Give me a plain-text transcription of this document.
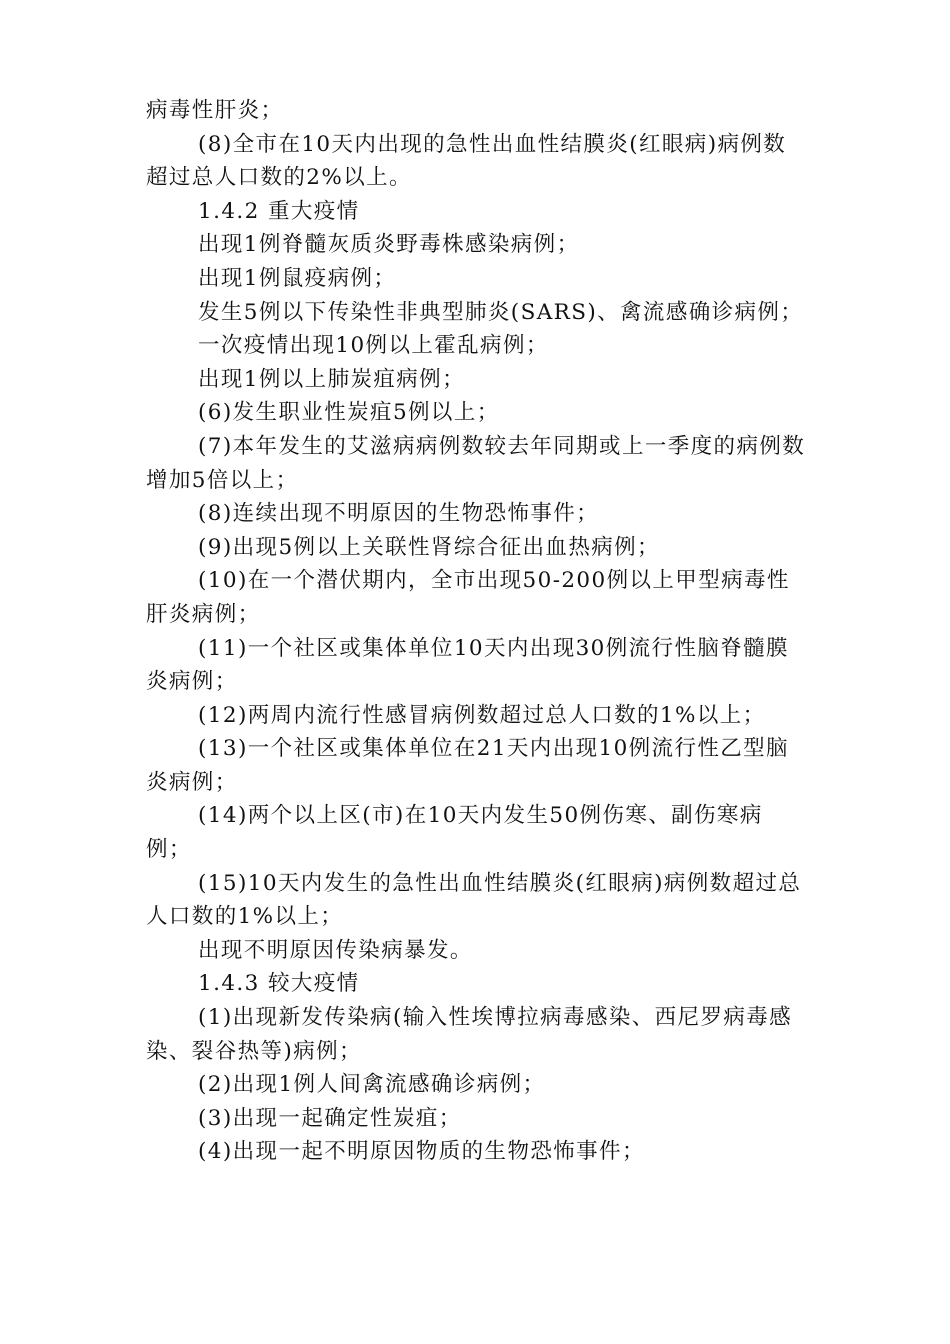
病毒性肝炎；

(8)全市在10天内出现的急性出血性结膜炎(红眼病)病例数超过总人口数的2%以上。

1.4.2 重大疫情

出现1例脊髓灰质炎野毒株感染病例；

出现1例鼠疫病例；

发生5例以下传染性非典型肺炎(SARS)、禽流感确诊病例；

一次疫情出现10例以上霍乱病例；

出现1例以上肺炭疽病例；

(6)发生职业性炭疽5例以上；

(7)本年发生的艾滋病病例数较去年同期或上一季度的病例数增加5倍以上；

(8)连续出现不明原因的生物恐怖事件；

(9)出现5例以上关联性肾综合征出血热病例；

(10)在一个潜伏期内，全市出现50-200例以上甲型病毒性肝炎病例；

(11)一个社区或集体单位10天内出现30例流行性脑脊髓膜炎病例；

(12)两周内流行性感冒病例数超过总人口数的1%以上；

(13)一个社区或集体单位在21天内出现10例流行性乙型脑炎病例；

(14)两个以上区(市)在10天内发生50例伤寒、副伤寒病例；

(15)10天内发生的急性出血性结膜炎(红眼病)病例数超过总人口数的1%以上；

出现不明原因传染病暴发。

1.4.3 较大疫情

(1)出现新发传染病(输入性埃博拉病毒感染、西尼罗病毒感染、裂谷热等)病例；

(2)出现1例人间禽流感确诊病例；

(3)出现一起确定性炭疽；

(4)出现一起不明原因物质的生物恐怖事件；
